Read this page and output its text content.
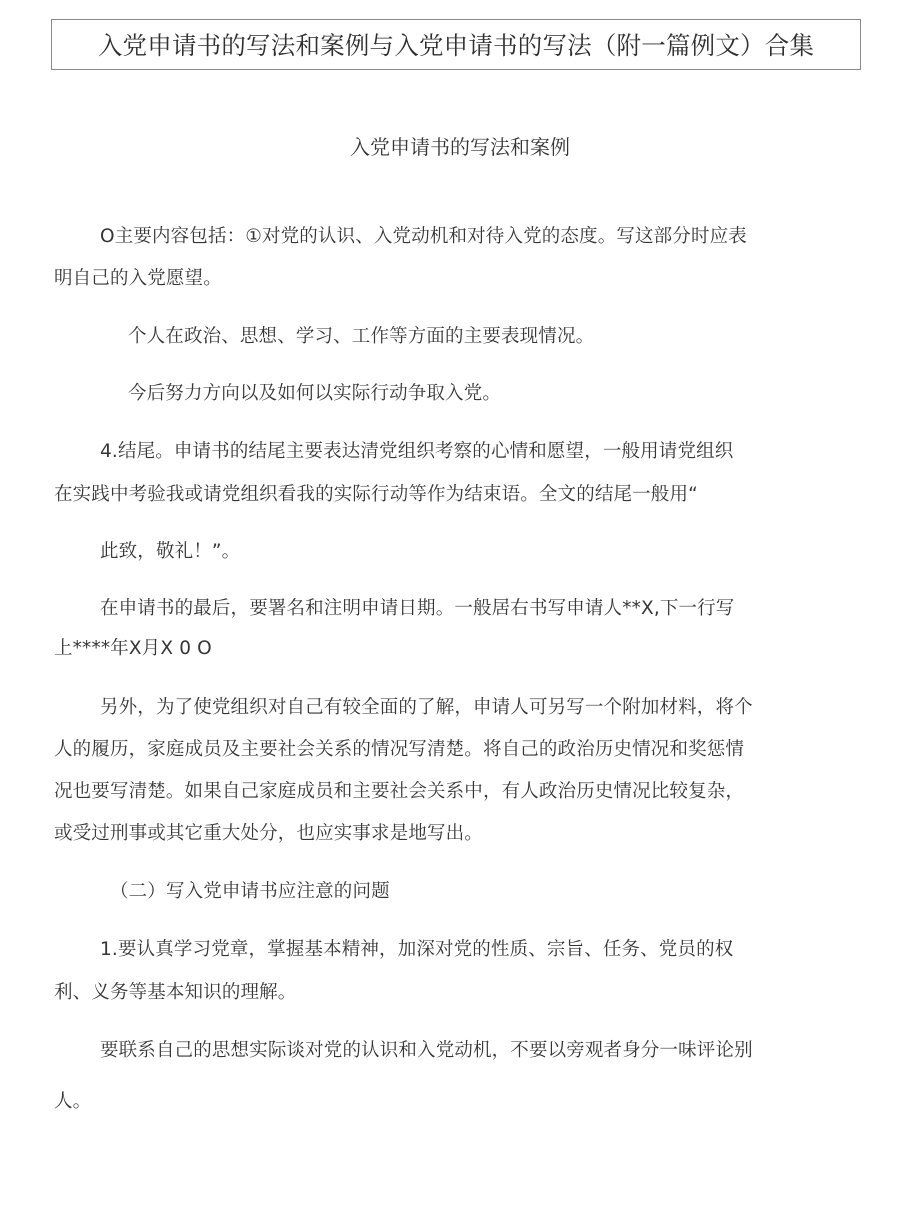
入党申请书的写法和案例与入党申请书的写法（附一篇例文）合集
入党申请书的写法和案例
O主要内容包括：①对党的认识、入党动机和对待入党的态度。写这部分时应表
明自己的入党愿望。
个人在政治、思想、学习、工作等方面的主要表现情况。
今后努力方向以及如何以实际行动争取入党。
4.结尾。申请书的结尾主要表达清党组织考察的心情和愿望，一般用请党组织
在实践中考验我或请党组织看我的实际行动等作为结束语。全文的结尾一般用“
此致，敬礼！”。
在申请书的最后，要署名和注明申请日期。一般居右书写申请人**X,下一行写
上****年X月X 0 O
另外，为了使党组织对自己有较全面的了解，申请人可另写一个附加材料，将个
人的履历，家庭成员及主要社会关系的情况写清楚。将自己的政治历史情况和奖惩情
况也要写清楚。如果自己家庭成员和主要社会关系中，有人政治历史情况比较复杂，
或受过刑事或其它重大处分，也应实事求是地写出。
（二）写入党申请书应注意的问题
1.要认真学习党章，掌握基本精神，加深对党的性质、宗旨、任务、党员的权
利、义务等基本知识的理解。
要联系自己的思想实际谈对党的认识和入党动机，不要以旁观者身分一味评论别
人。
